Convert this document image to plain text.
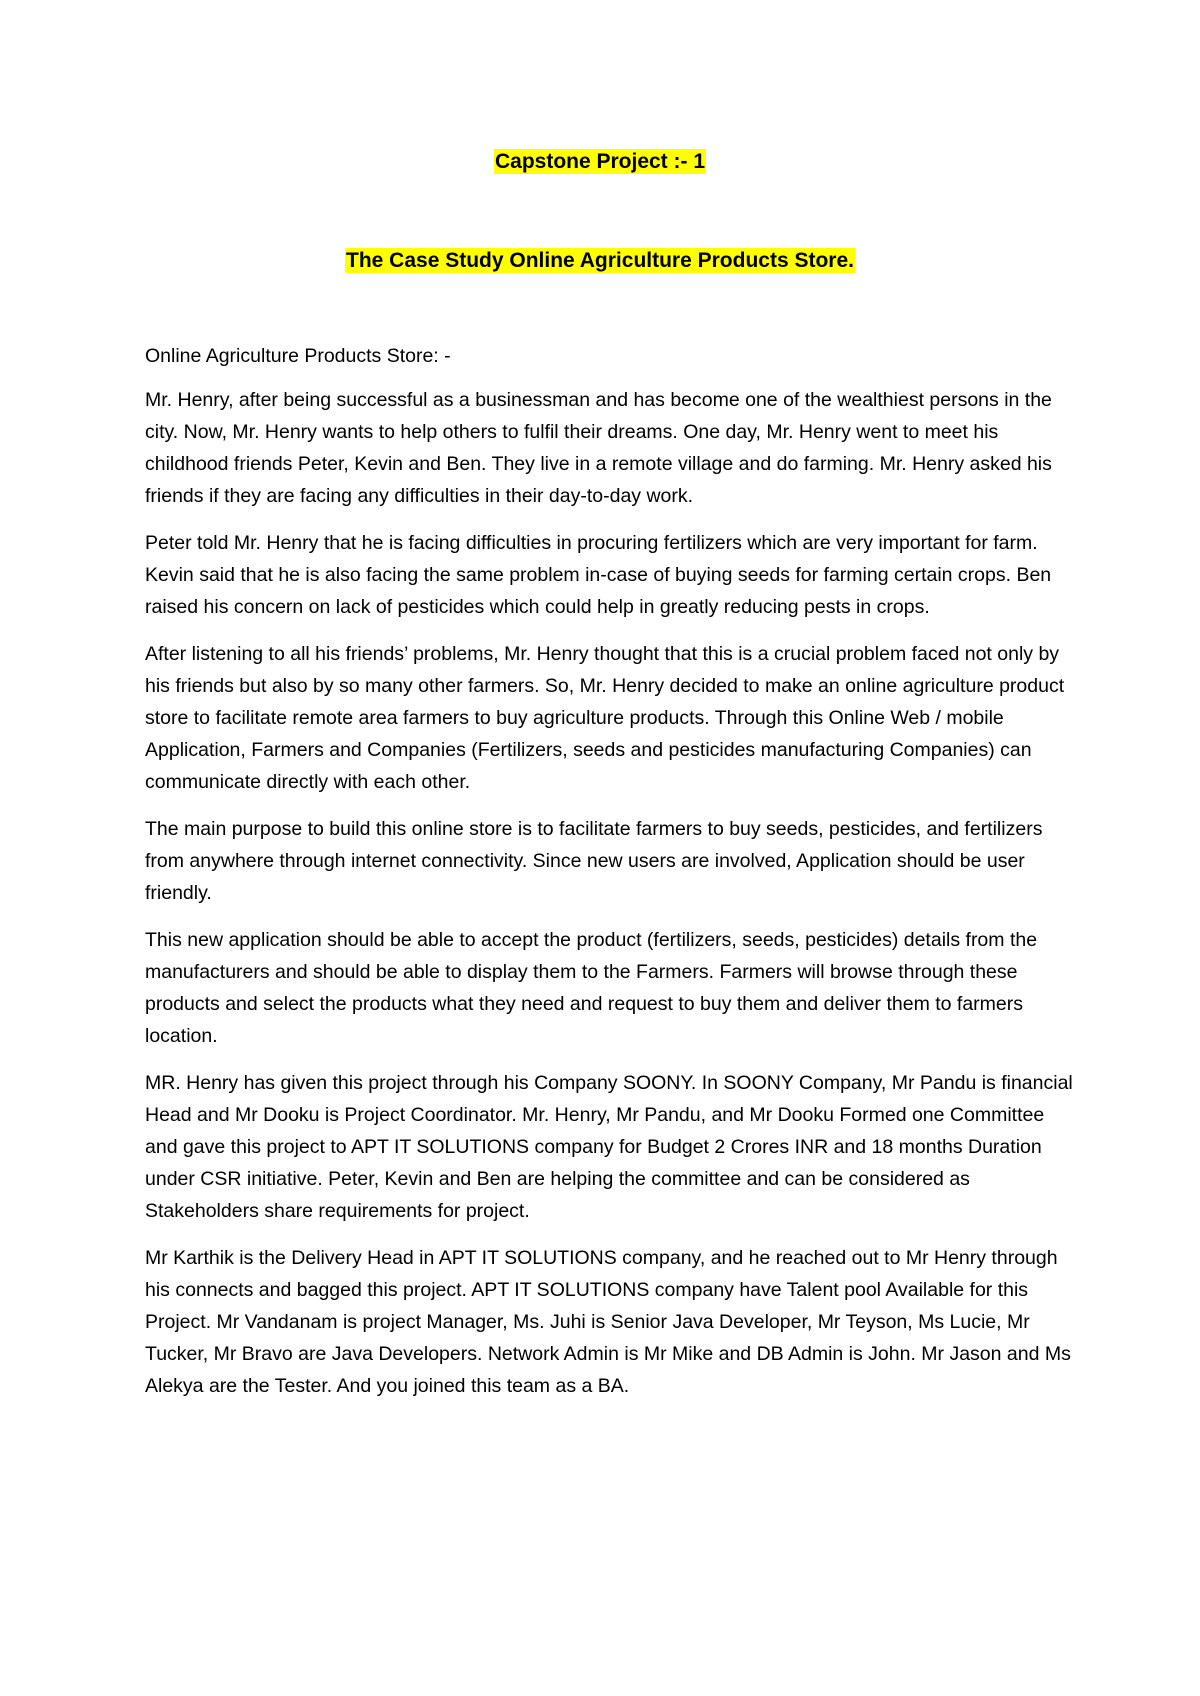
Capstone Project :- 1
The Case Study Online Agriculture Products Store.

Online Agriculture Products Store: -

Mr. Henry, after being successful as a businessman and has become one of the wealthiest persons in the city. Now, Mr. Henry wants to help others to fulfil their dreams. One day, Mr. Henry went to meet his childhood friends Peter, Kevin and Ben. They live in a remote village and do farming. Mr. Henry asked his friends if they are facing any difficulties in their day-to-day work.

Peter told Mr. Henry that he is facing difficulties in procuring fertilizers which are very important for farm. Kevin said that he is also facing the same problem in-case of buying seeds for farming certain crops. Ben raised his concern on lack of pesticides which could help in greatly reducing pests in crops.

After listening to all his friends’ problems, Mr. Henry thought that this is a crucial problem faced not only by his friends but also by so many other farmers. So, Mr. Henry decided to make an online agriculture product store to facilitate remote area farmers to buy agriculture products. Through this Online Web / mobile Application, Farmers and Companies (Fertilizers, seeds and pesticides manufacturing Companies) can communicate directly with each other.

The main purpose to build this online store is to facilitate farmers to buy seeds, pesticides, and fertilizers from anywhere through internet connectivity. Since new users are involved, Application should be user friendly.

This new application should be able to accept the product (fertilizers, seeds, pesticides) details from the manufacturers and should be able to display them to the Farmers. Farmers will browse through these products and select the products what they need and request to buy them and deliver them to farmers location.

MR. Henry has given this project through his Company SOONY. In SOONY Company, Mr Pandu is financial Head and Mr Dooku is Project Coordinator. Mr. Henry, Mr Pandu, and Mr Dooku Formed one Committee and gave this project to APT IT SOLUTIONS company for Budget 2 Crores INR and 18 months Duration under CSR initiative. Peter, Kevin and Ben are helping the committee and can be considered as Stakeholders share requirements for project.

Mr Karthik is the Delivery Head in APT IT SOLUTIONS company, and he reached out to Mr Henry through his connects and bagged this project. APT IT SOLUTIONS company have Talent pool Available for this Project. Mr Vandanam is project Manager, Ms. Juhi is Senior Java Developer, Mr Teyson, Ms Lucie, Mr Tucker, Mr Bravo are Java Developers. Network Admin is Mr Mike and DB Admin is John. Mr Jason and Ms Alekya are the Tester. And you joined this team as a BA.
